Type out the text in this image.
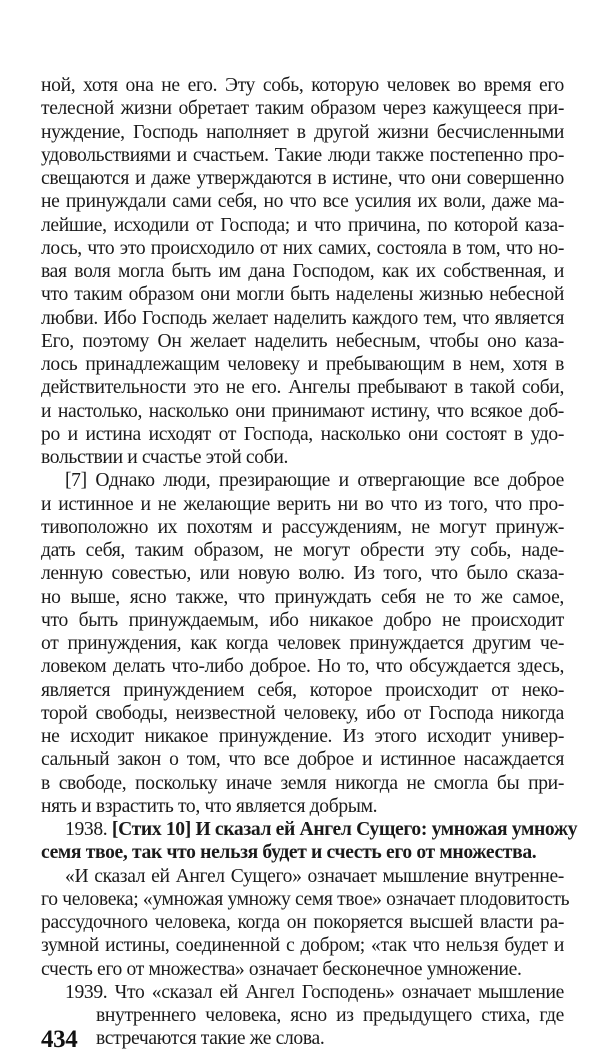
ной, хотя она не его. Эту собь, которую человек во время его
телесной жизни обретает таким образом через кажущееся при-
нуждение, Господь наполняет в другой жизни бесчисленными
удовольствиями и счастьем. Такие люди также постепенно про-
свещаются и даже утверждаются в истине, что они совершенно
не принуждали сами себя, но что все усилия их воли, даже ма-
лейшие, исходили от Господа; и что причина, по которой каза-
лось, что это происходило от них самих, состояла в том, что но-
вая воля могла быть им дана Господом, как их собственная, и
что таким образом они могли быть наделены жизнью небесной
любви. Ибо Господь желает наделить каждого тем, что является
Его, поэтому Он желает наделить небесным, чтобы оно каза-
лось принадлежащим человеку и пребывающим в нем, хотя в
действительности это не его. Ангелы пребывают в такой соби,
и настолько, насколько они принимают истину, что всякое доб-
ро и истина исходят от Господа, насколько они состоят в удо-
вольствии и счастье этой соби.

[7] Однако люди, презирающие и отвергающие все доброе
и истинное и не желающие верить ни во что из того, что про-
тивоположно их похотям и рассуждениям, не могут принуж-
дать себя, таким образом, не могут обрести эту собь, наде-
ленную совестью, или новую волю. Из того, что было сказа-
но выше, ясно также, что принуждать себя не то же самое,
что быть принуждаемым, ибо никакое добро не происходит
от принуждения, как когда человек принуждается другим че-
ловеком делать что-либо доброе. Но то, что обсуждается здесь,
является принуждением себя, которое происходит от неко-
торой свободы, неизвестной человеку, ибо от Господа никогда
не исходит никакое принуждение. Из этого исходит универ-
сальный закон о том, что все доброе и истинное насаждается
в свободе, поскольку иначе земля никогда не смогла бы при-
нять и взрастить то, что является добрым.

1938. [Стих 10] И сказал ей Ангел Сущего: умножая умножу
семя твое, так что нельзя будет и счесть его от множества.
«И сказал ей Ангел Сущего» означает мышление внутренне-
го человека; «умножая умножу семя твое» означает плодовитость
рассудочного человека, когда он покоряется высшей власти ра-
зумной истины, соединенной с добром; «так что нельзя будет и
счесть его от множества» означает бесконечное умножение.

1939. Что «сказал ей Ангел Господень» означает мышление
внутреннего человека, ясно из предыдущего стиха, где
встречаются такие же слова.
434
